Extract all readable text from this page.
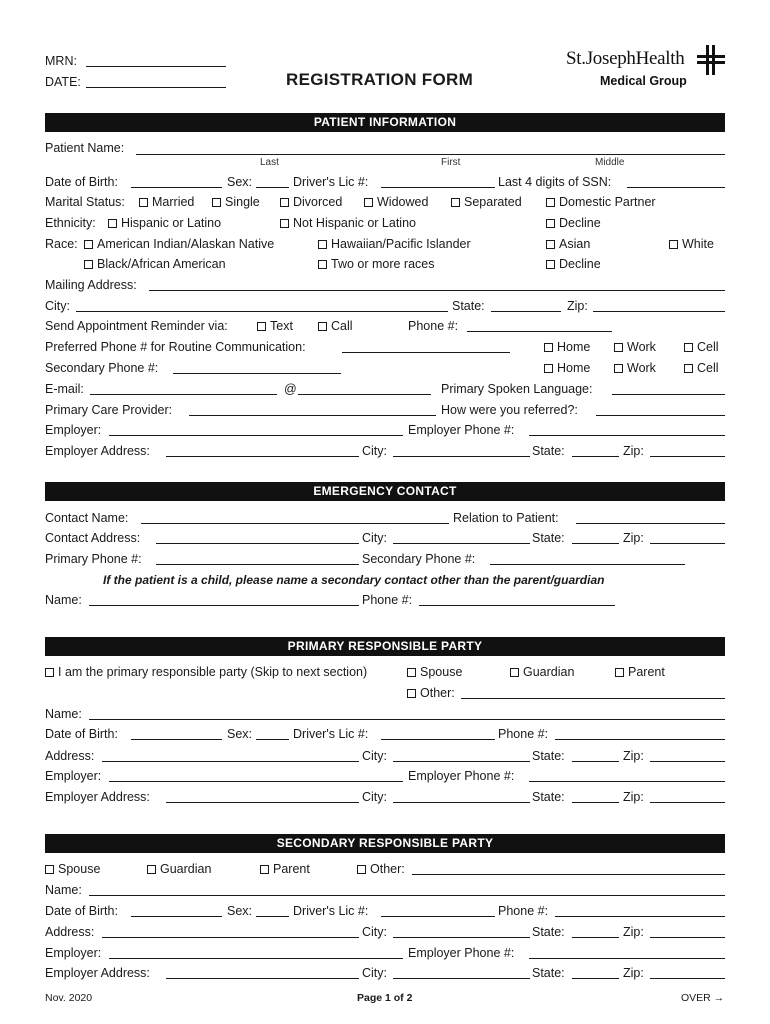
MRN:
DATE:	REGISTRATION FORM
St.JosephHealth
Medical Group
PATIENT INFORMATION
Patient Name:
Last	First	Middle
Date of Birth:	Sex:	Driver's Lic #:	Last 4 digits of SSN:
Marital Status:	Married	Single	Divorced	Widowed	Separated	Domestic Partner
Ethnicity:	Hispanic or Latino	Not Hispanic or Latino	Decline
Race:	American Indian/Alaskan Native	Hawaiian/Pacific Islander	Asian	White
Black/African American	Two or more races	Decline
Mailing Address:
City:	State:	Zip:
Send Appointment Reminder via:	Text	Call	Phone #:
Preferred Phone # for Routine Communication:	Home	Work	Cell
Secondary Phone #:	Home	Work	Cell
E-mail:	@	Primary Spoken Language:
Primary Care Provider:	How were you referred?:
Employer:	Employer Phone #:
Employer Address:	City:	State:	Zip:
EMERGENCY CONTACT
Contact Name:	Relation to Patient:
Contact Address:	City:	State:	Zip:
Primary Phone #:	Secondary Phone #:
If the patient is a child, please name a secondary contact other than the parent/guardian
Name:	Phone #:
PRIMARY RESPONSIBLE PARTY
I am the primary responsible party (Skip to next section)	Spouse	Guardian	Parent
Other:
Name:
Date of Birth:	Sex:	Driver's Lic #:	Phone #:
Address:	City:	State:	Zip:
Employer:	Employer Phone #:
Employer Address:	City:	State:	Zip:
SECONDARY RESPONSIBLE PARTY
Spouse	Guardian	Parent	Other:
Name:
Date of Birth:	Sex:	Driver's Lic #:	Phone #:
Address:	City:	State:	Zip:
Employer:	Employer Phone #:
Employer Address:	City:	State:	Zip:
Nov. 2020	Page 1 of 2	OVER →
